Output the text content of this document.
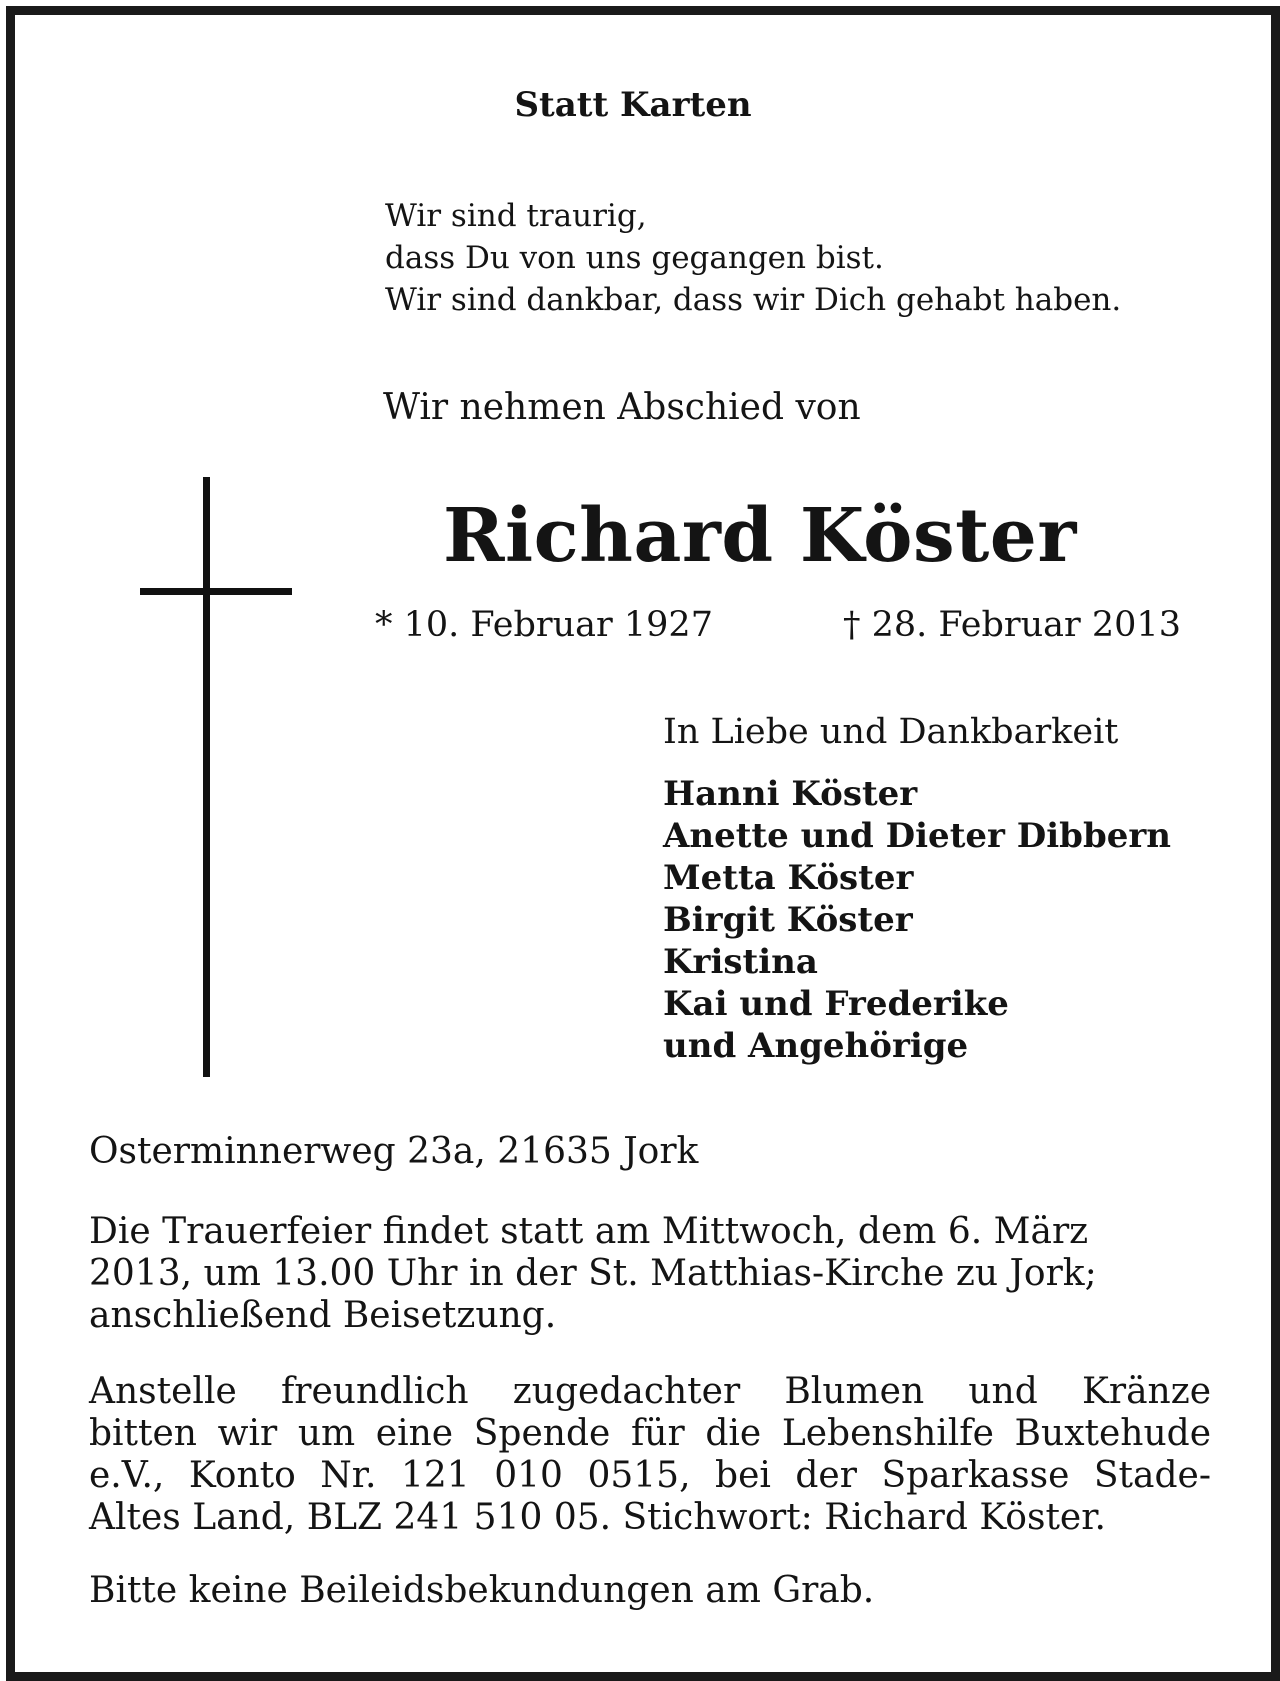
Statt Karten
Wir sind traurig,
dass Du von uns gegangen bist.
Wir sind dankbar, dass wir Dich gehabt haben.
Wir nehmen Abschied von
Richard Köster
* 10. Februar 1927	† 28. Februar 2013
In Liebe und Dankbarkeit
Hanni Köster
Anette und Dieter Dibbern
Metta Köster
Birgit Köster
Kristina
Kai und Frederike
und Angehörige
Osterminnerweg 23a, 21635 Jork
Die Trauerfeier findet statt am Mittwoch, dem 6. März
2013, um 13.00 Uhr in der St. Matthias-Kirche zu Jork;
anschließend Beisetzung.
Anstelle freundlich zugedachter Blumen und Kränze
bitten wir um eine Spende für die Lebenshilfe Buxtehude
e.V., Konto Nr. 121 010 0515, bei der Sparkasse Stade-
Altes Land, BLZ 241 510 05. Stichwort: Richard Köster.
Bitte keine Beileidsbekundungen am Grab.
